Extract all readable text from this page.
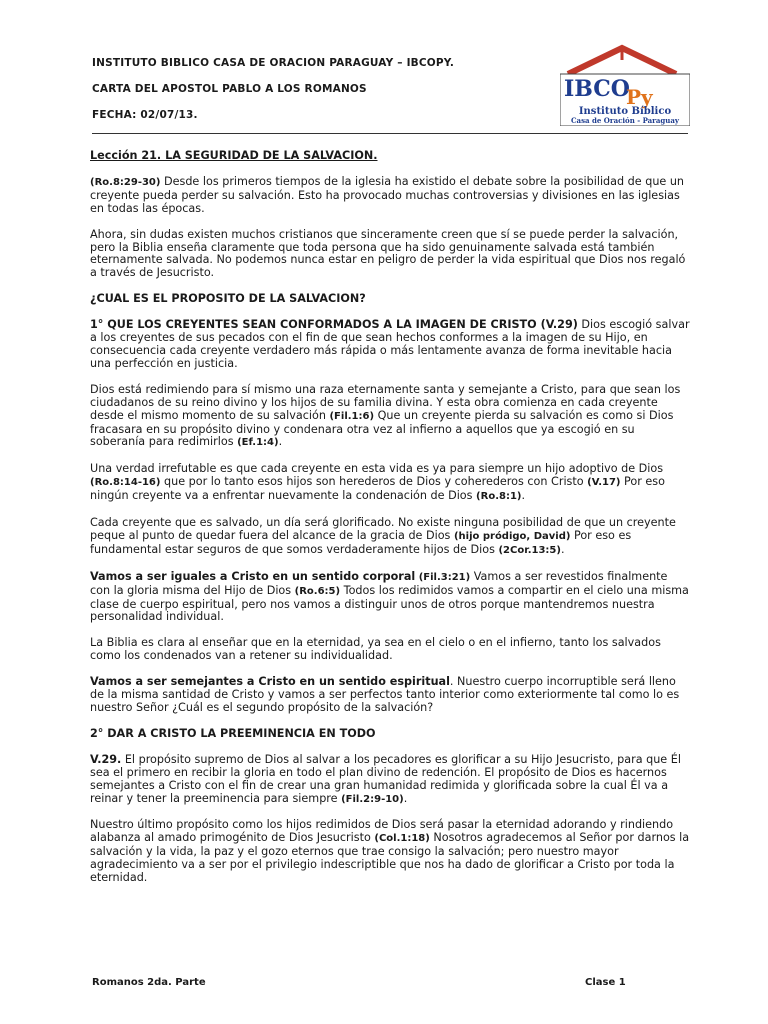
INSTITUTO BIBLICO CASA DE ORACION PARAGUAY – IBCOPY.
CARTA DEL APOSTOL PABLO A LOS ROMANOS
FECHA: 02/07/13.
IBCO
Py
Instituto Bíblico
Casa de Oración - Paraguay

Lección 21. LA SEGURIDAD DE LA SALVACION.

(Ro.8:29-30) Desde los primeros tiempos de la iglesia ha existido el debate sobre la posibilidad de que un creyente pueda perder su salvación. Esto ha provocado muchas controversias y divisiones en las iglesias en todas las épocas.

Ahora, sin dudas existen muchos cristianos que sinceramente creen que sí se puede perder la salvación, pero la Biblia enseña claramente que toda persona que ha sido genuinamente salvada está también eternamente salvada. No podemos nunca estar en peligro de perder la vida espiritual que Dios nos regaló a través de Jesucristo.

¿CUAL ES EL PROPOSITO DE LA SALVACION?

1° QUE LOS CREYENTES SEAN CONFORMADOS A LA IMAGEN DE CRISTO (V.29) Dios escogió salvar a los creyentes de sus pecados con el fin de que sean hechos conformes a la imagen de su Hijo, en consecuencia cada creyente verdadero más rápida o más lentamente avanza de forma inevitable hacia una perfección en justicia.

Dios está redimiendo para sí mismo una raza eternamente santa y semejante a Cristo, para que sean los ciudadanos de su reino divino y los hijos de su familia divina. Y esta obra comienza en cada creyente desde el mismo momento de su salvación (Fil.1:6) Que un creyente pierda su salvación es como si Dios fracasara en su propósito divino y condenara otra vez al infierno a aquellos que ya escogió en su soberanía para redimirlos (Ef.1:4).

Una verdad irrefutable es que cada creyente en esta vida es ya para siempre un hijo adoptivo de Dios (Ro.8:14-16) que por lo tanto esos hijos son herederos de Dios y coherederos con Cristo (V.17) Por eso ningún creyente va a enfrentar nuevamente la condenación de Dios (Ro.8:1).

Cada creyente que es salvado, un día será glorificado. No existe ninguna posibilidad de que un creyente peque al punto de quedar fuera del alcance de la gracia de Dios (hijo pródigo, David) Por eso es fundamental estar seguros de que somos verdaderamente hijos de Dios (2Cor.13:5).

Vamos a ser iguales a Cristo en un sentido corporal (Fil.3:21) Vamos a ser revestidos finalmente con la gloria misma del Hijo de Dios (Ro.6:5) Todos los redimidos vamos a compartir en el cielo una misma clase de cuerpo espiritual, pero nos vamos a distinguir unos de otros porque mantendremos nuestra personalidad individual.

La Biblia es clara al enseñar que en la eternidad, ya sea en el cielo o en el infierno, tanto los salvados como los condenados van a retener su individualidad.

Vamos a ser semejantes a Cristo en un sentido espiritual. Nuestro cuerpo incorruptible será lleno de la misma santidad de Cristo y vamos a ser perfectos tanto interior como exteriormente tal como lo es nuestro Señor ¿Cuál es el segundo propósito de la salvación?

2° DAR A CRISTO LA PREEMINENCIA EN TODO

V.29. El propósito supremo de Dios al salvar a los pecadores es glorificar a su Hijo Jesucristo, para que Él sea el primero en recibir la gloria en todo el plan divino de redención. El propósito de Dios es hacernos semejantes a Cristo con el fin de crear una gran humanidad redimida y glorificada sobre la cual Él va a reinar y tener la preeminencia para siempre (Fil.2:9-10).

Nuestro último propósito como los hijos redimidos de Dios será pasar la eternidad adorando y rindiendo alabanza al amado primogénito de Dios Jesucristo (Col.1:18) Nosotros agradecemos al Señor por darnos la salvación y la vida, la paz y el gozo eternos que trae consigo la salvación; pero nuestro mayor agradecimiento va a ser por el privilegio indescriptible que nos ha dado de glorificar a Cristo por toda la eternidad.

Romanos 2da. Parte	Clase 1
